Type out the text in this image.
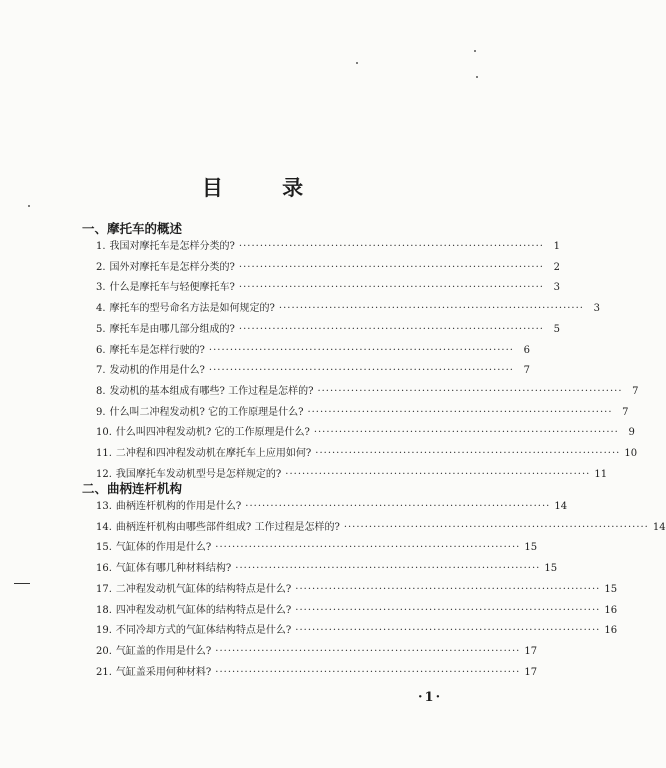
目 录
一、摩托车的概述
1. 我国对摩托车是怎样分类的? ········································································· 1
2. 国外对摩托车是怎样分类的? ········································································· 2
3. 什么是摩托车与轻便摩托车? ········································································· 3
4. 摩托车的型号命名方法是如何规定的? ········································································· 3
5. 摩托车是由哪几部分组成的? ········································································· 5
6. 摩托车是怎样行驶的? ········································································· 6
7. 发动机的作用是什么? ········································································· 7
8. 发动机的基本组成有哪些? 工作过程是怎样的? ········································································· 7
9. 什么叫二冲程发动机? 它的工作原理是什么? ········································································· 7
10. 什么叫四冲程发动机? 它的工作原理是什么? ········································································· 9
11. 二冲程和四冲程发动机在摩托车上应用如何? ········································································· 10
12. 我国摩托车发动机型号是怎样规定的? ········································································· 11
二、曲柄连杆机构
13. 曲柄连杆机构的作用是什么? ········································································· 14
14. 曲柄连杆机构由哪些部件组成? 工作过程是怎样的? ········································································· 14
15. 气缸体的作用是什么? ········································································· 15
16. 气缸体有哪几种材料结构? ········································································· 15
17. 二冲程发动机气缸体的结构特点是什么? ········································································· 15
18. 四冲程发动机气缸体的结构特点是什么? ········································································· 16
19. 不同冷却方式的气缸体结构特点是什么? ········································································· 16
20. 气缸盖的作用是什么? ········································································· 17
21. 气缸盖采用何种材料? ········································································· 17
·1·
